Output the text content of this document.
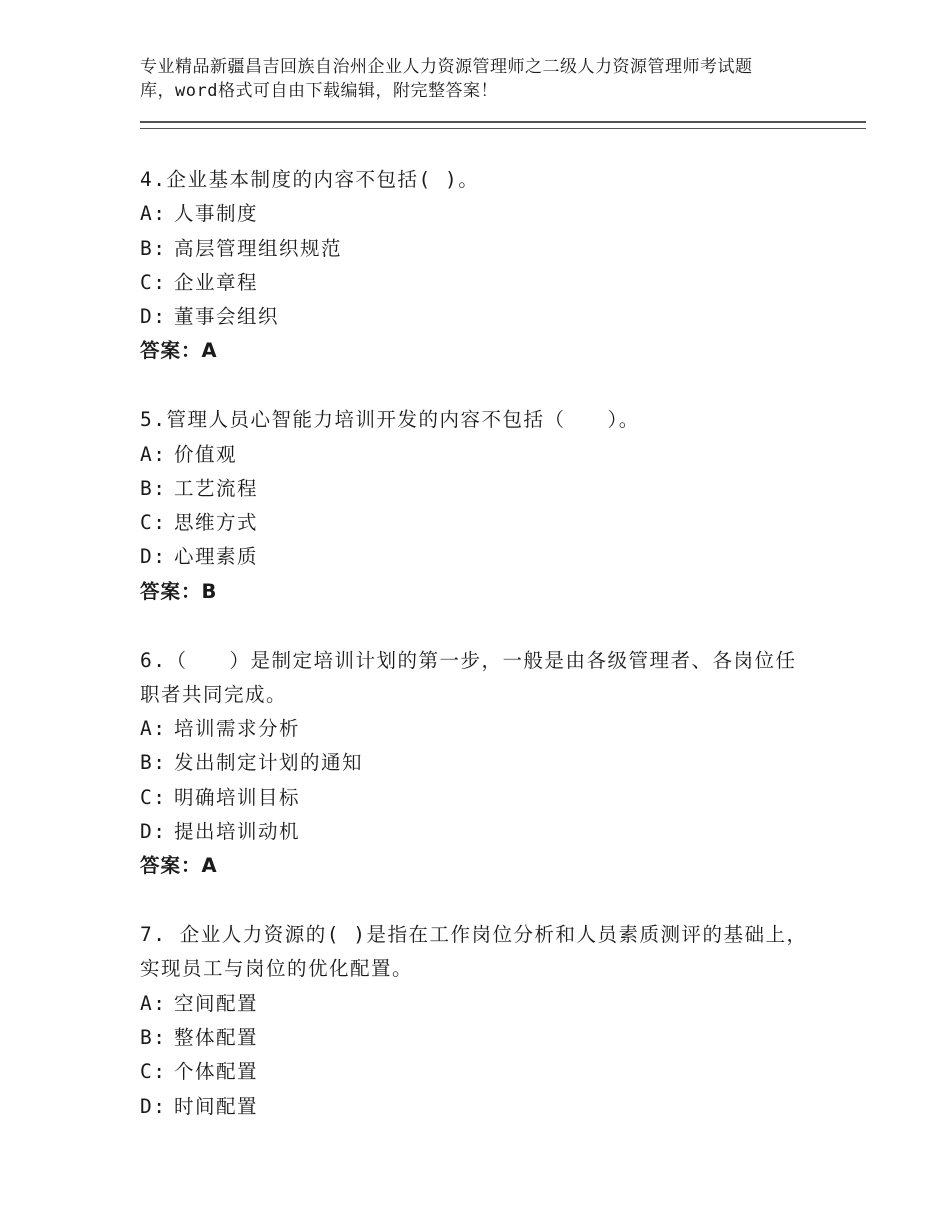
专业精品新疆昌吉回族自治州企业人力资源管理师之二级人力资源管理师考试题
库，word格式可自由下载编辑，附完整答案！

4.企业基本制度的内容不包括( )。

A: 人事制度

B: 高层管理组织规范

C: 企业章程

D: 董事会组织

答案：A

5.管理人员心智能力培训开发的内容不包括（　　）。

A: 价值观

B: 工艺流程

C: 思维方式

D: 心理素质

答案：B

6.（　　）是制定培训计划的第一步，一般是由各级管理者、各岗位任职者共同完成。

A: 培训需求分析

B: 发出制定计划的通知

C: 明确培训目标

D: 提出培训动机

答案：A

7. 企业人力资源的( )是指在工作岗位分析和人员素质测评的基础上，实现员工与岗位的优化配置。

A: 空间配置

B: 整体配置

C: 个体配置

D: 时间配置
